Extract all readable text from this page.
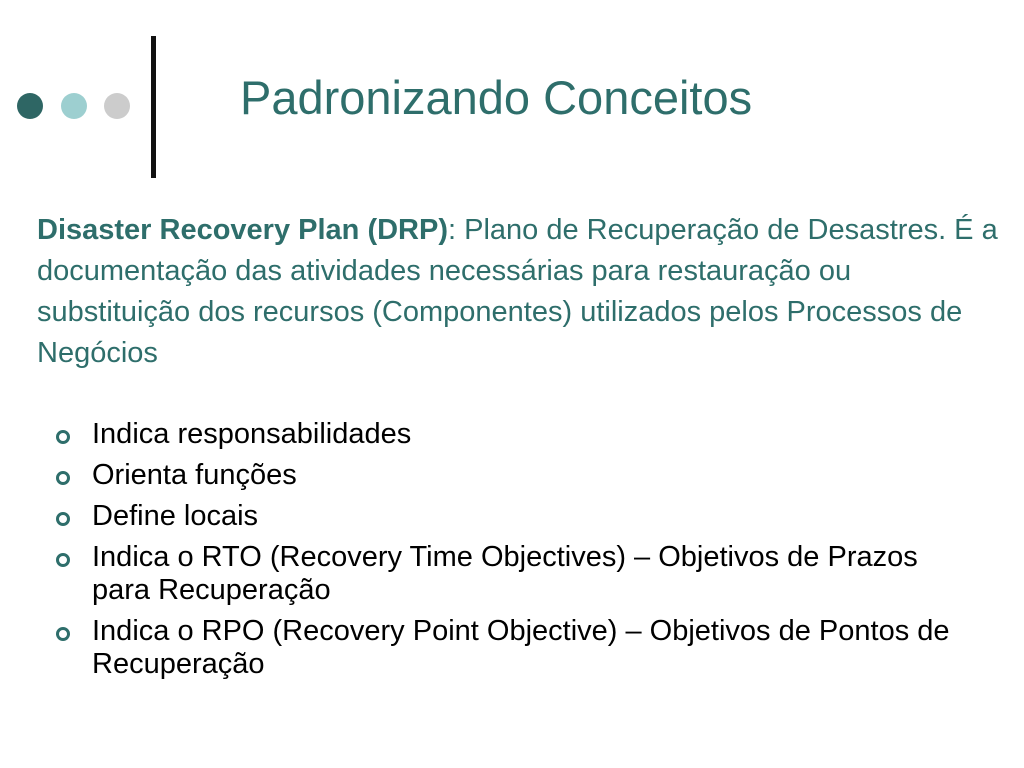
Padronizando Conceitos
Disaster Recovery Plan (DRP): Plano de Recuperação de Desastres. É a documentação das atividades necessárias para restauração ou substituição dos recursos (Componentes) utilizados pelos Processos de Negócios
Indica responsabilidades
Orienta funções
Define locais
Indica o RTO (Recovery Time Objectives) – Objetivos de Prazos para Recuperação
Indica o RPO (Recovery Point Objective) – Objetivos de Pontos de Recuperação
